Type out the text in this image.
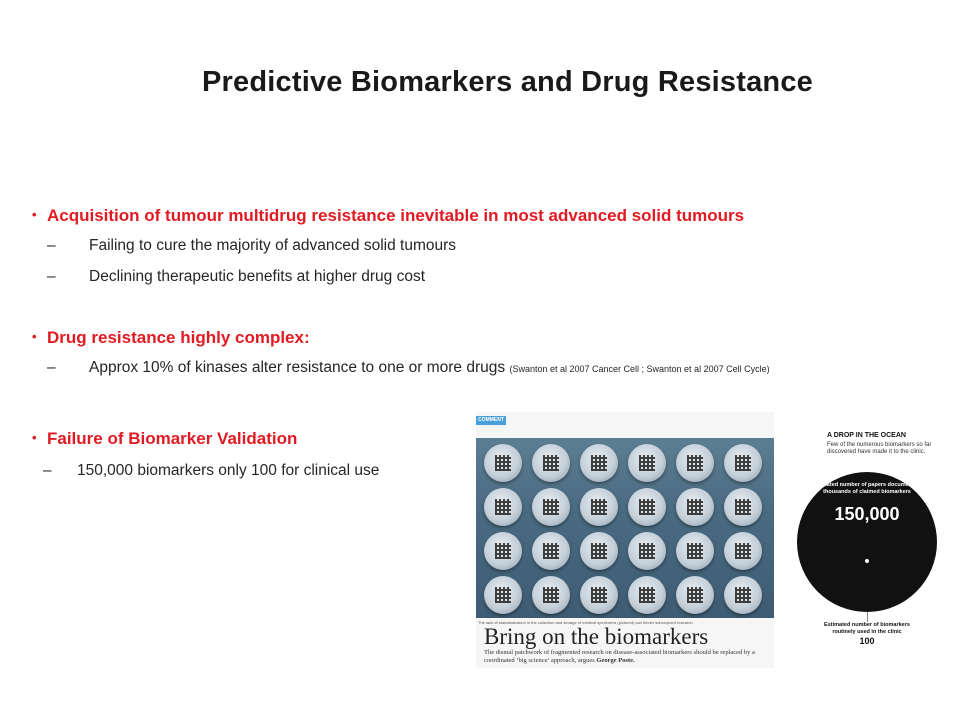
Predictive Biomarkers and Drug Resistance
• Acquisition of tumour multidrug resistance inevitable in most advanced solid tumours
– Failing to cure the majority of advanced solid tumours
– Declining therapeutic benefits at higher drug cost
• Drug resistance highly complex:
– Approx 10% of kinases alter resistance to one or more drugs (Swanton et al 2007 Cancer Cell ; Swanton et al 2007 Cell Cycle)
• Failure of Biomarker Validation
– 150,000 biomarkers only 100 for clinical use
COMMENT
The lack of standardization in the collection and storage of medical specimens (pictured) can hinder subsequent research.
Bring on the biomarkers
The dismal patchwork of fragmented research on disease-associated biomarkers should be replaced by a coordinated ‘big science’ approach, argues George Poste.
A DROP IN THE OCEAN
Few of the numerous biomarkers so far discovered have made it to the clinic.
Estimated number of papers documenting thousands of claimed biomarkers
150,000
Estimated number of biomarkers routinely used in the clinic
100
